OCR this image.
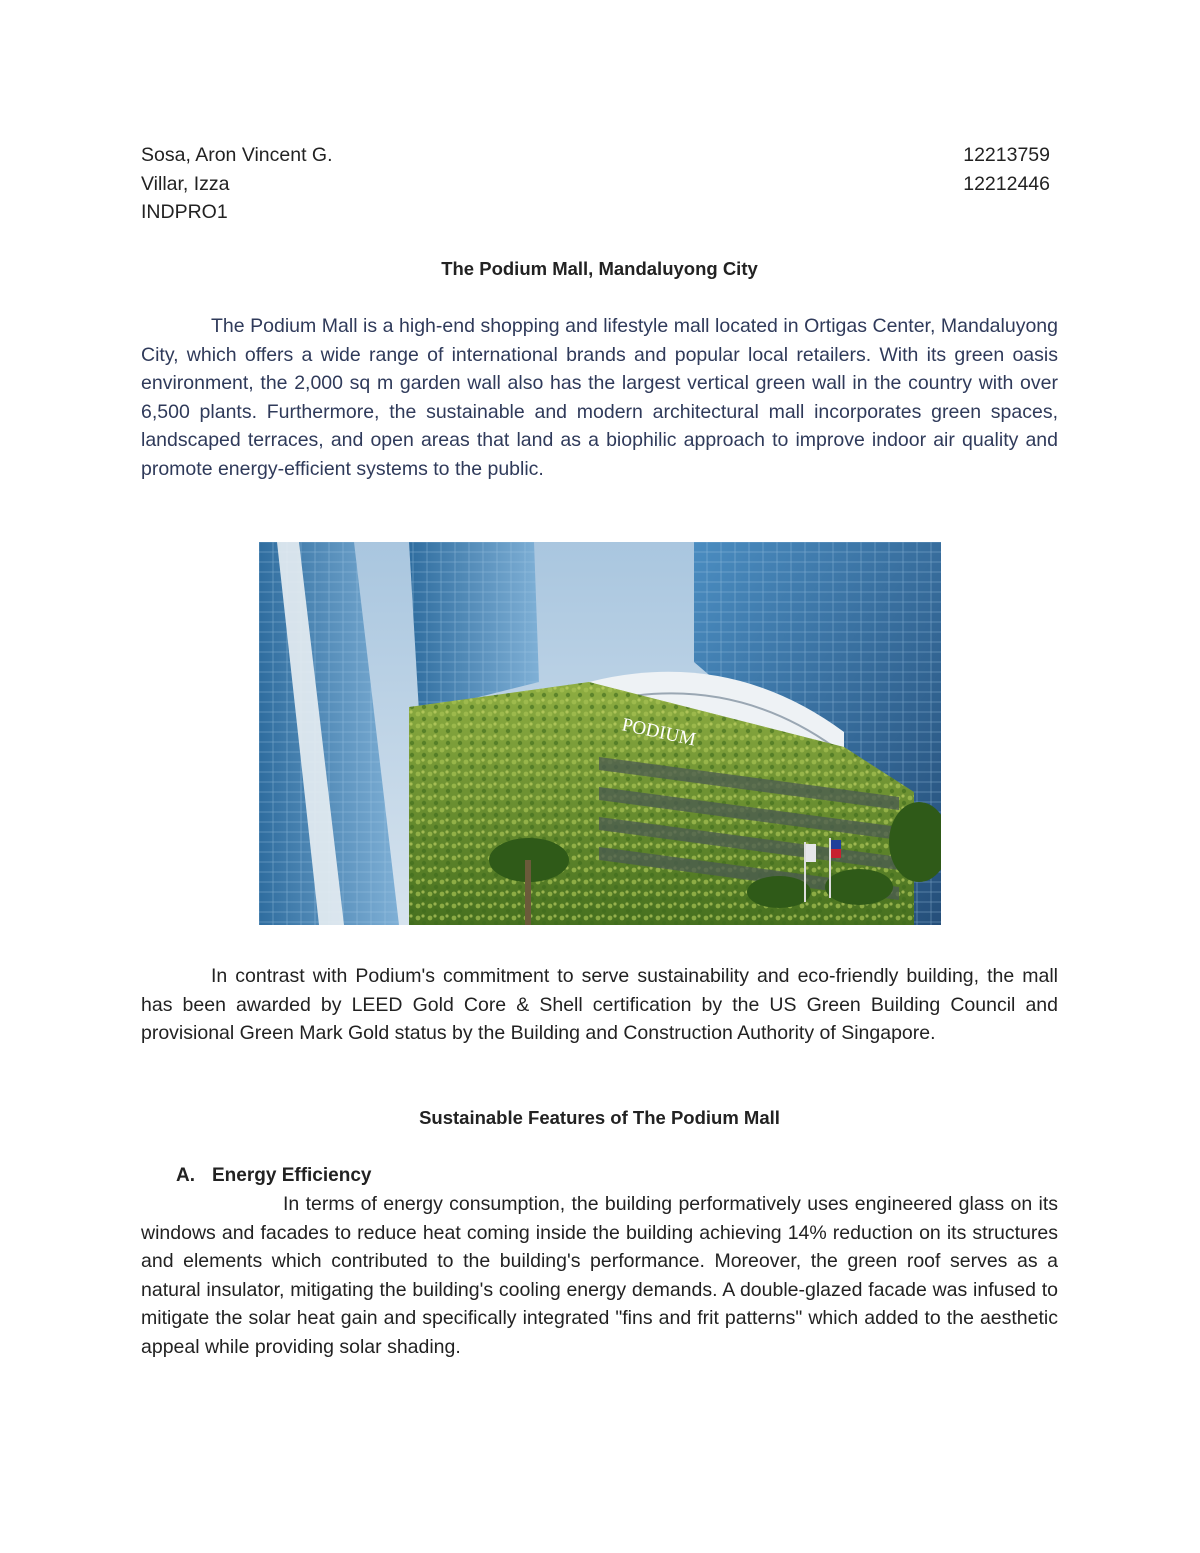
Sosa, Aron Vincent G.	12213759
Villar, Izza	12212446
INDPRO1
The Podium Mall, Mandaluyong City

The Podium Mall is a high-end shopping and lifestyle mall located in Ortigas Center, Mandaluyong City, which offers a wide range of international brands and popular local retailers. With its green oasis environment, the 2,000 sq m garden wall also has the largest vertical green wall in the country with over 6,500 plants. Furthermore, the sustainable and modern architectural mall incorporates green spaces, landscaped terraces, and open areas that land as a biophilic approach to improve indoor air quality and promote energy-efficient systems to the public.

PODIUM

In contrast with Podium's commitment to serve sustainability and eco-friendly building, the mall has been awarded by LEED Gold Core & Shell certification by the US Green Building Council and provisional Green Mark Gold status by the Building and Construction Authority of Singapore.

Sustainable Features of The Podium Mall
A. Energy Efficiency

In terms of energy consumption, the building performatively uses engineered glass on its windows and facades to reduce heat coming inside the building achieving 14% reduction on its structures and elements which contributed to the building's performance. Moreover, the green roof serves as a natural insulator, mitigating the building's cooling energy demands. A double-glazed facade was infused to mitigate the solar heat gain and specifically integrated "fins and frit patterns" which added to the aesthetic appeal while providing solar shading.
